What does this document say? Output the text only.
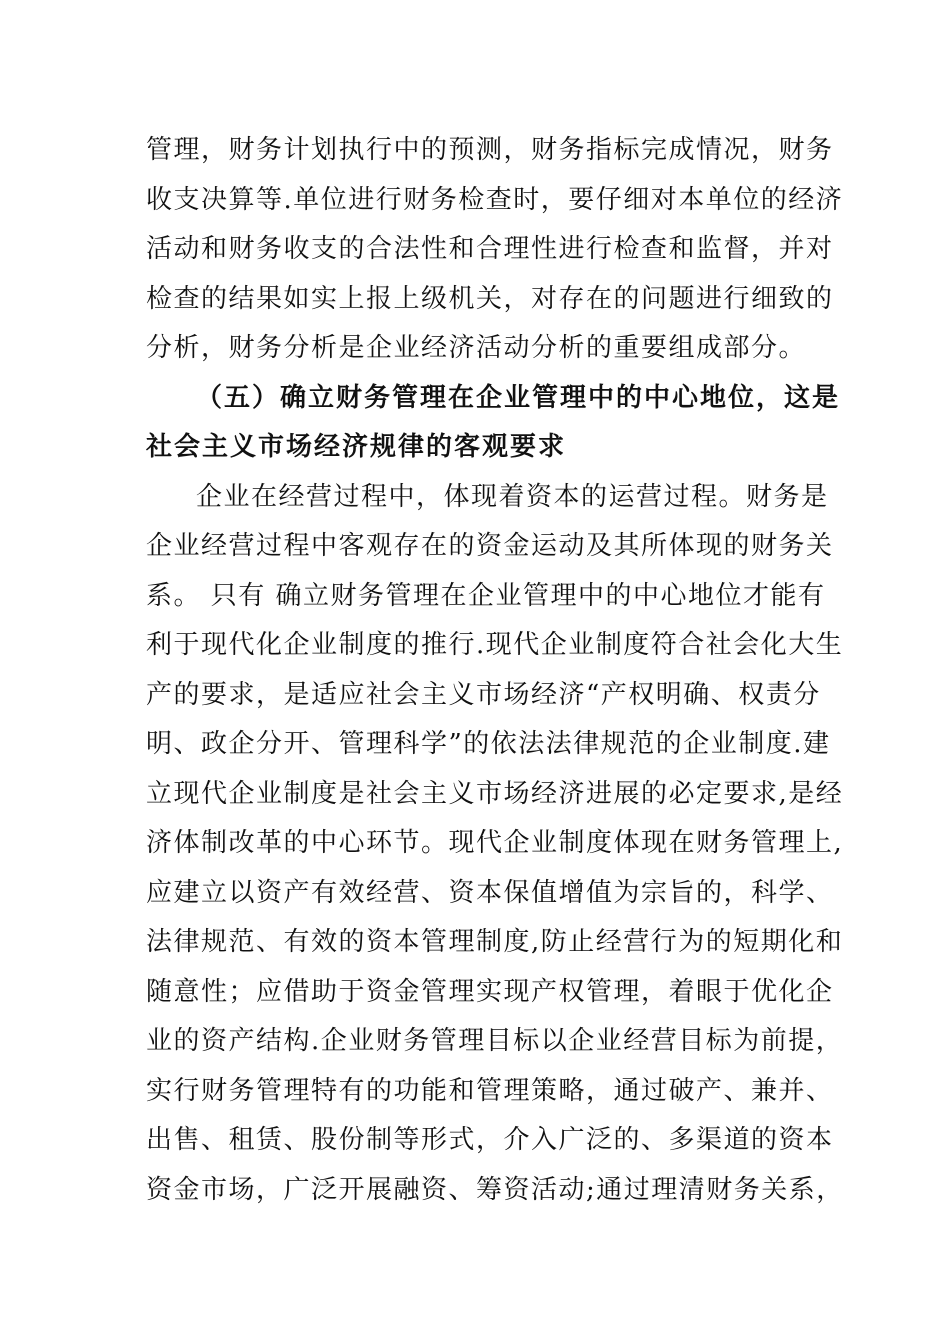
管理，财务计划执行中的预测，财务指标完成情况，财务
收支决算等.单位进行财务检查时，要仔细对本单位的经济
活动和财务收支的合法性和合理性进行检查和监督，并对
检查的结果如实上报上级机关，对存在的问题进行细致的
分析，财务分析是企业经济活动分析的重要组成部分。
（五）确立财务管理在企业管理中的中心地位，这是
社会主义市场经济规律的客观要求
企业在经营过程中，体现着资本的运营过程。财务是
企业经营过程中客观存在的资金运动及其所体现的财务关
系。 只有 确立财务管理在企业管理中的中心地位才能有
利于现代化企业制度的推行.现代企业制度符合社会化大生
产的要求，是适应社会主义市场经济“产权明确、权责分
明、政企分开、管理科学”的依法法律规范的企业制度.建
立现代企业制度是社会主义市场经济进展的必定要求,是经
济体制改革的中心环节。现代企业制度体现在财务管理上,
应建立以资产有效经营、资本保值增值为宗旨的，科学、
法律规范、有效的资本管理制度,防止经营行为的短期化和
随意性；应借助于资金管理实现产权管理，着眼于优化企
业的资产结构.企业财务管理目标以企业经营目标为前提，
实行财务管理特有的功能和管理策略，通过破产、兼并、
出售、租赁、股份制等形式，介入广泛的、多渠道的资本
资金市场，广泛开展融资、筹资活动;通过理清财务关系，
